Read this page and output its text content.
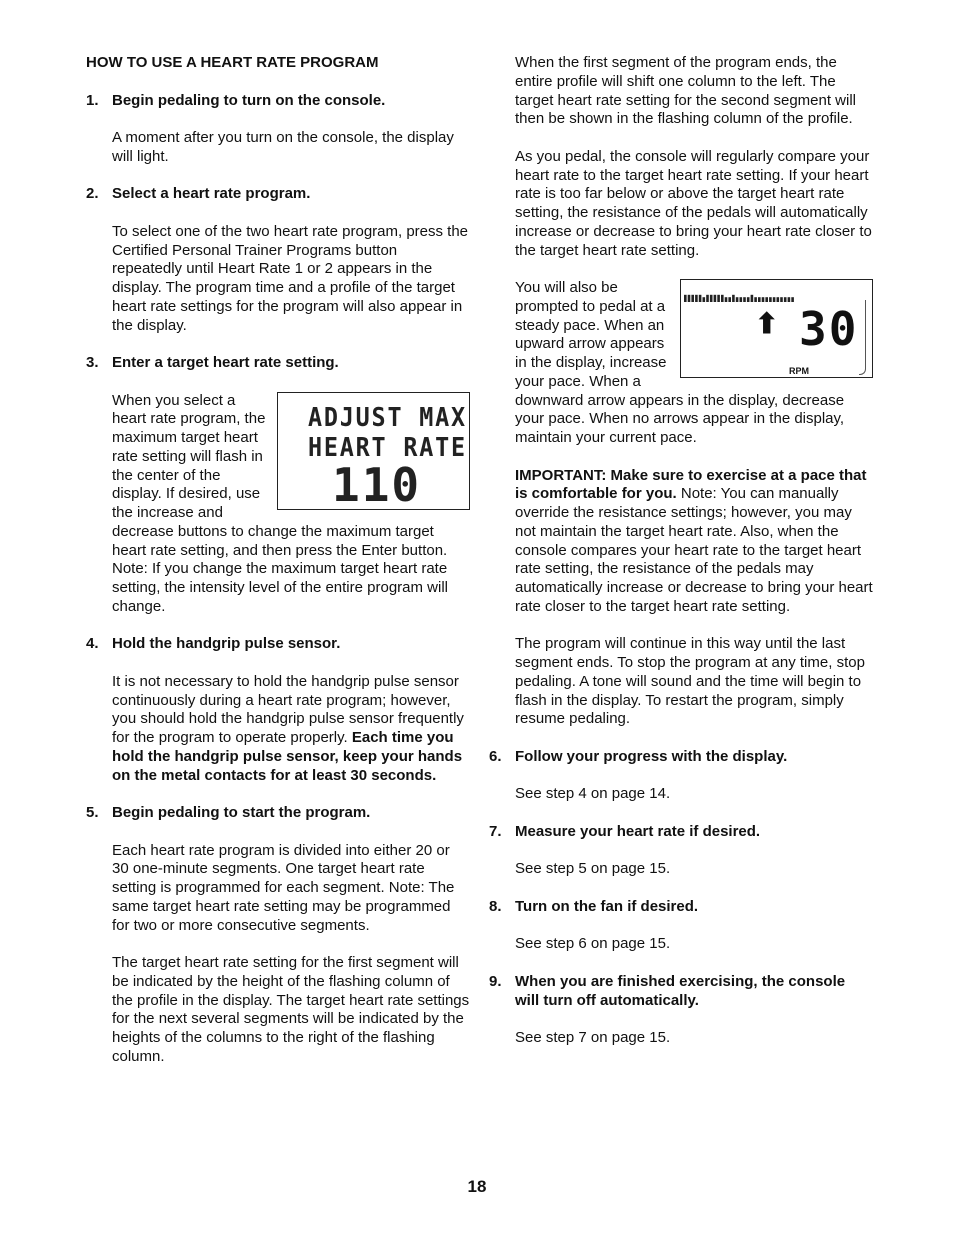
HOW TO USE A HEART RATE PROGRAM
1. Begin pedaling to turn on the console.

A moment after you turn on the console, the display will light.

2. Select a heart rate program.

To select one of the two heart rate program, press the Certified Personal Trainer Programs button repeatedly until Heart Rate 1 or 2 appears in the display. The program time and a profile of the target heart rate settings for the program will also appear in the display.

3. Enter a target heart rate setting.
ADJUST MAX
HEART RATE
110
When you select a heart rate program, the maximum target heart rate setting will flash in the center of the display. If desired, use the increase and decrease buttons to change the maximum target heart rate setting, and then press the Enter button. Note: If you change the maximum target heart rate setting, the intensity level of the entire program will change.
4. Hold the handgrip pulse sensor.

It is not necessary to hold the handgrip pulse sensor continuously during a heart rate program; however, you should hold the handgrip pulse sensor frequently for the program to operate properly. Each time you hold the handgrip pulse sensor, keep your hands on the metal contacts for at least 30 seconds.

5. Begin pedaling to start the program.

Each heart rate program is divided into either 20 or 30 one-minute segments. One target heart rate setting is programmed for each segment. Note: The same target heart rate setting may be programmed for two or more consecutive segments.

The target heart rate setting for the first segment will be indicated by the height of the flashing column of the profile in the display. The target heart rate settings for the next several segments will be indicated by the heights of the columns to the right of the flashing column.

When the first segment of the program ends, the entire profile will shift one column to the left. The target heart rate setting for the second segment will then be shown in the flashing column of the profile.

As you pedal, the console will regularly compare your heart rate to the target heart rate setting. If your heart rate is too far below or above the target heart rate setting, the resistance of the pedals will automatically increase or decrease to bring your heart rate closer to the target heart rate setting.

⬆ 30
RPM
You will also be prompted to pedal at a steady pace. When an upward arrow appears in the display, increase your pace. When a downward arrow appears in the display, decrease your pace. When no arrows appear in the display, maintain your current pace.

IMPORTANT: Make sure to exercise at a pace that is comfortable for you. Note: You can manually override the resistance settings; however, you may not maintain the target heart rate. Also, when the console compares your heart rate to the target heart rate setting, the resistance of the pedals may automatically increase or decrease to bring your heart rate closer to the target heart rate setting.

The program will continue in this way until the last segment ends. To stop the program at any time, stop pedaling. A tone will sound and the time will begin to flash in the display. To restart the program, simply resume pedaling.

6. Follow your progress with the display.

See step 4 on page 14.

7. Measure your heart rate if desired.

See step 5 on page 15.

8. Turn on the fan if desired.

See step 6 on page 15.

9. When you are finished exercising, the console will turn off automatically.

See step 7 on page 15.

18
